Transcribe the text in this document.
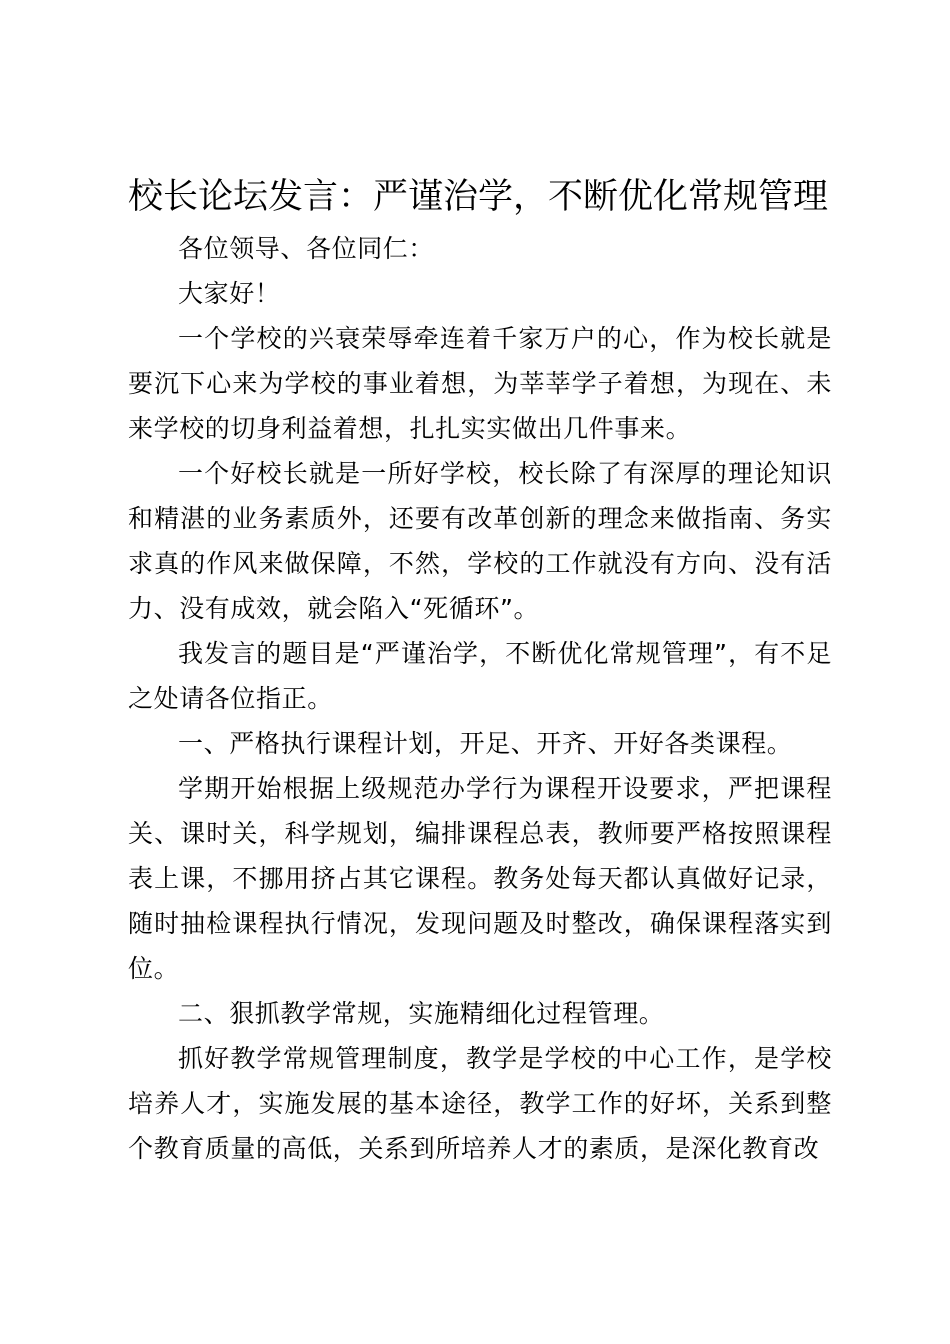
校长论坛发言：严谨治学，不断优化常规管理

各位领导、各位同仁：

大家好！

一个学校的兴衰荣辱牵连着千家万户的心，作为校长就是要沉下心来为学校的事业着想，为莘莘学子着想，为现在、未来学校的切身利益着想，扎扎实实做出几件事来。

一个好校长就是一所好学校，校长除了有深厚的理论知识和精湛的业务素质外，还要有改革创新的理念来做指南、务实求真的作风来做保障，不然，学校的工作就没有方向、没有活力、没有成效，就会陷入“死循环”。

我发言的题目是“严谨治学，不断优化常规管理”，有不足之处请各位指正。

一、严格执行课程计划，开足、开齐、开好各类课程。

学期开始根据上级规范办学行为课程开设要求，严把课程关、课时关，科学规划，编排课程总表，教师要严格按照课程表上课，不挪用挤占其它课程。教务处每天都认真做好记录，随时抽检课程执行情况，发现问题及时整改，确保课程落实到位。

二、狠抓教学常规，实施精细化过程管理。

抓好教学常规管理制度，教学是学校的中心工作，是学校培养人才，实施发展的基本途径，教学工作的好坏，关系到整个教育质量的高低，关系到所培养人才的素质，是深化教育改
